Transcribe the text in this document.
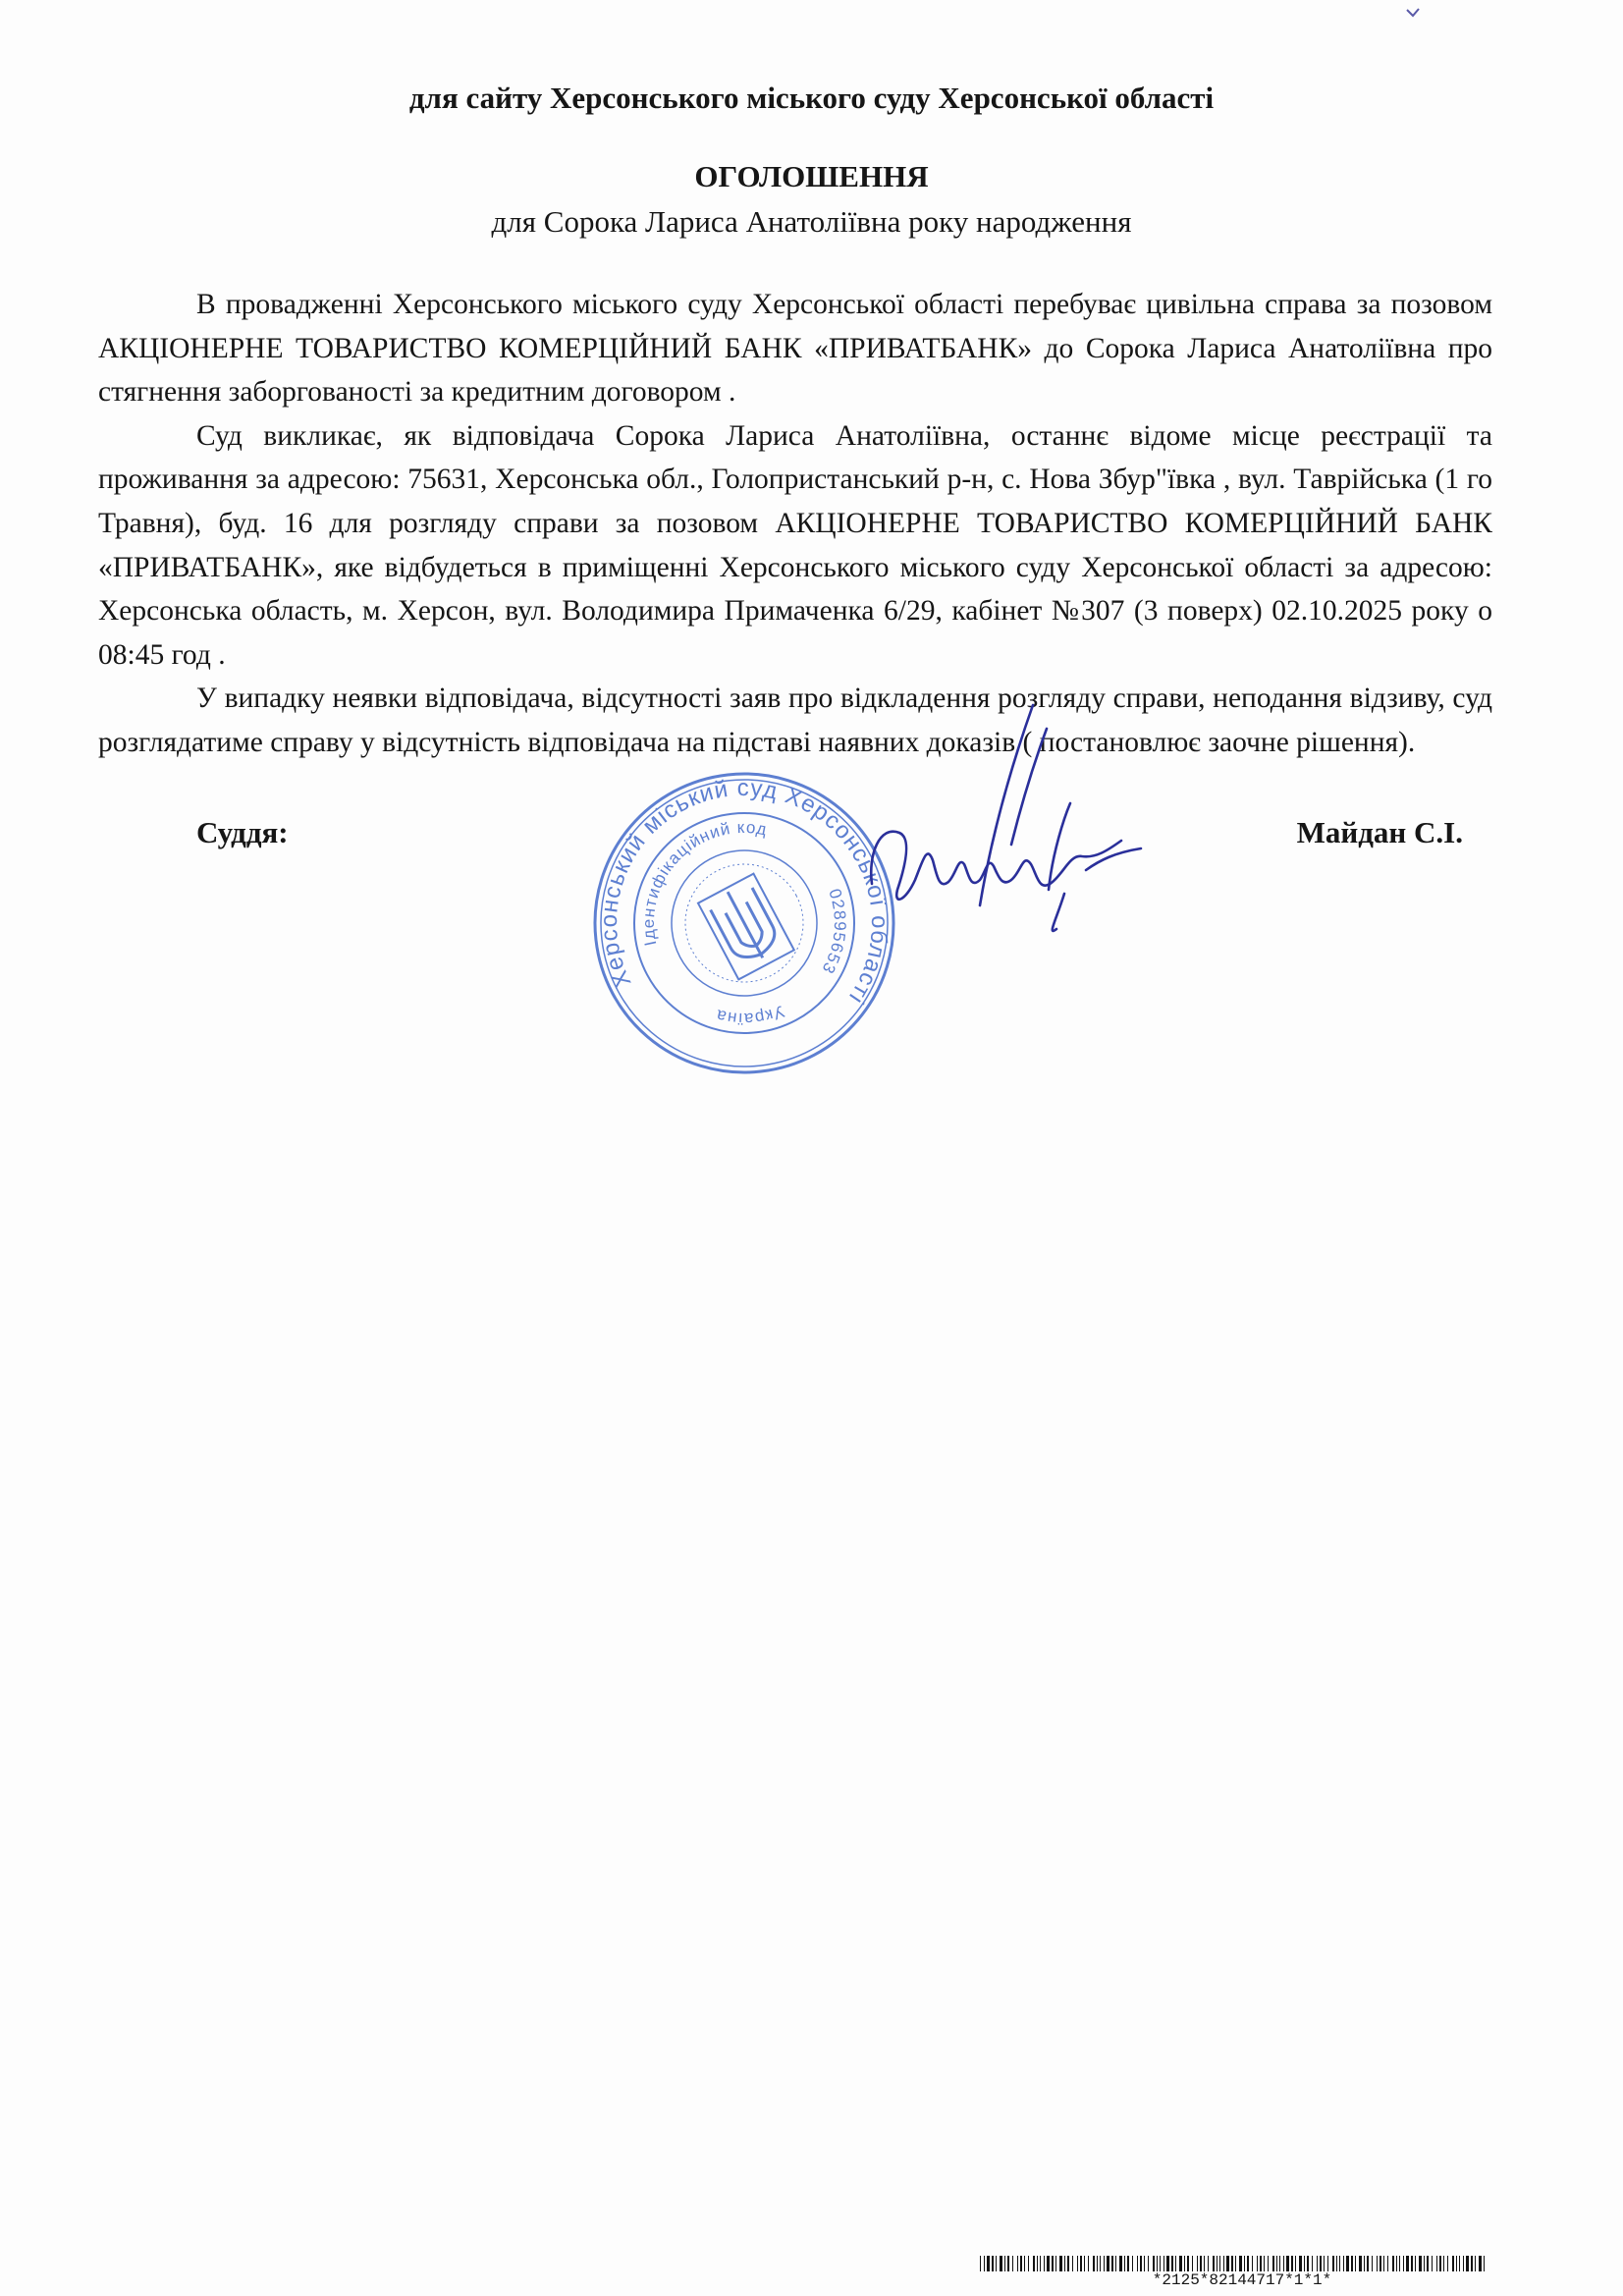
для сайту Херсонського міського суду Херсонської області
ОГОЛОШЕННЯ
для Сорока Лариса Анатоліївна року народження

В провадженні Херсонського міського суду Херсонської області перебуває цивільна справа за позовом АКЦІОНЕРНЕ ТОВАРИСТВО КОМЕРЦІЙНИЙ БАНК «ПРИВАТБАНК» до Сорока Лариса Анатоліївна про стягнення заборгованості за кредитним договором .

Суд викликає, як відповідача Сорока Лариса Анатоліївна, останнє відоме місце реєстрації та проживання за адресою: 75631, Херсонська обл., Голопристанський р-н, с. Нова Збур"ївка , вул. Таврійська (1 го Травня), буд. 16 для розгляду справи за позовом АКЦІОНЕРНЕ ТОВАРИСТВО КОМЕРЦІЙНИЙ БАНК «ПРИВАТБАНК», яке відбудеться в приміщенні Херсонського міського суду Херсонської області за адресою: Херсонська область, м. Херсон, вул. Володимира Примаченка 6/29, кабінет №307 (3 поверх) 02.10.2025 року о 08:45 год .

У випадку неявки відповідача, відсутності заяв про відкладення розгляду справи, неподання відзиву, суд розглядатиме справу у відсутність відповідача на підставі наявних доказів ( постановлює заочне рішення).

Суддя:	Майдан С.І.
Херсонський міський суд Херсонської області
Ідентифікаційний код
02895653
Україна
*2125*82144717*1*1*
